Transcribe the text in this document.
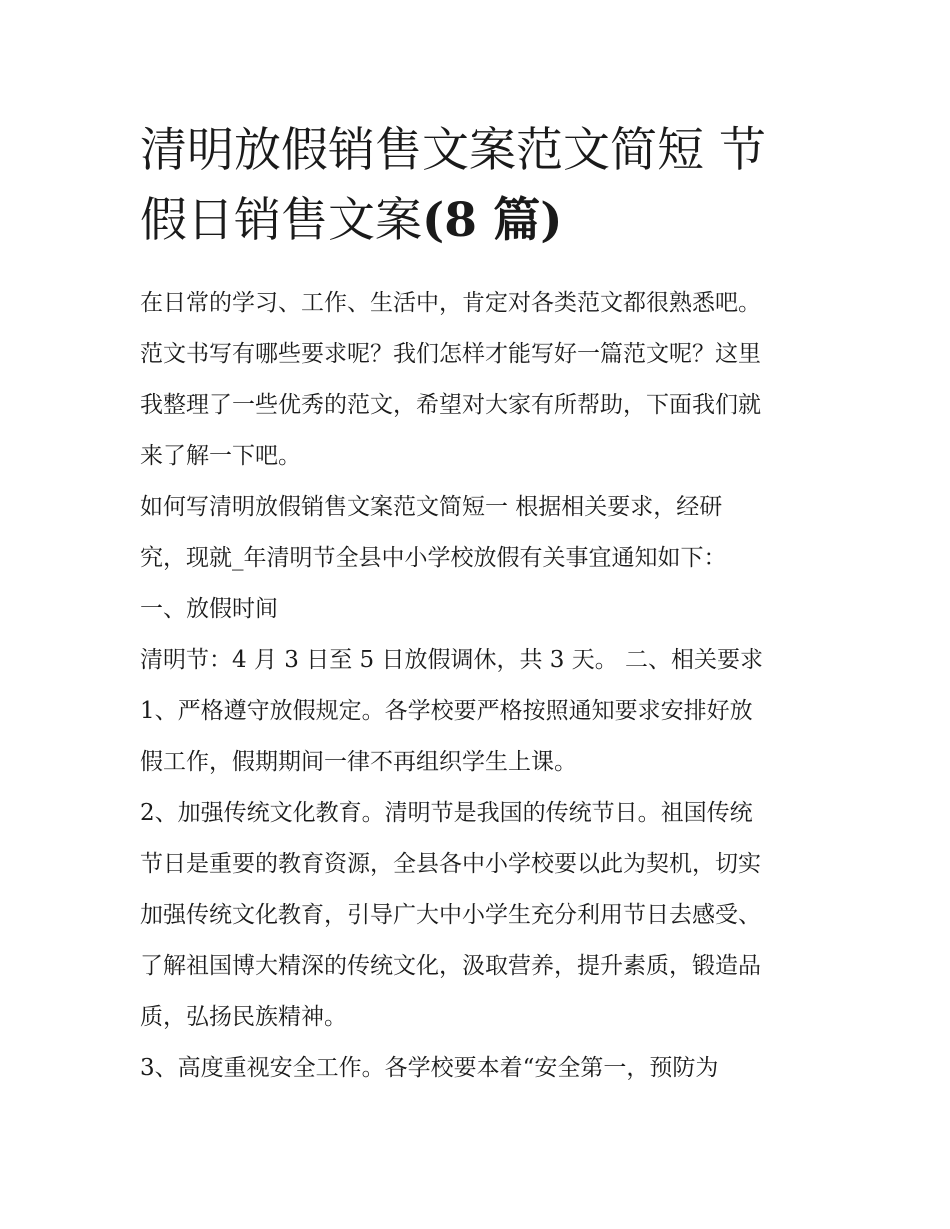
清明放假销售文案范文简短 节
假日销售文案(8 篇)

在日常的学习、工作、生活中，肯定对各类范文都很熟悉吧。
范文书写有哪些要求呢？我们怎样才能写好一篇范文呢？这里
我整理了一些优秀的范文，希望对大家有所帮助，下面我们就
来了解一下吧。

如何写清明放假销售文案范文简短一 根据相关要求，经研
究，现就_年清明节全县中小学校放假有关事宜通知如下：

一、放假时间

清明节：4 月 3 日至 5 日放假调休，共 3 天。 二、相关要求

1、严格遵守放假规定。各学校要严格按照通知要求安排好放
假工作，假期期间一律不再组织学生上课。

2、加强传统文化教育。清明节是我国的传统节日。祖国传统
节日是重要的教育资源，全县各中小学校要以此为契机，切实
加强传统文化教育，引导广大中小学生充分利用节日去感受、
了解祖国博大精深的传统文化，汲取营养，提升素质，锻造品
质，弘扬民族精神。

3、高度重视安全工作。各学校要本着“安全第一，预防为
